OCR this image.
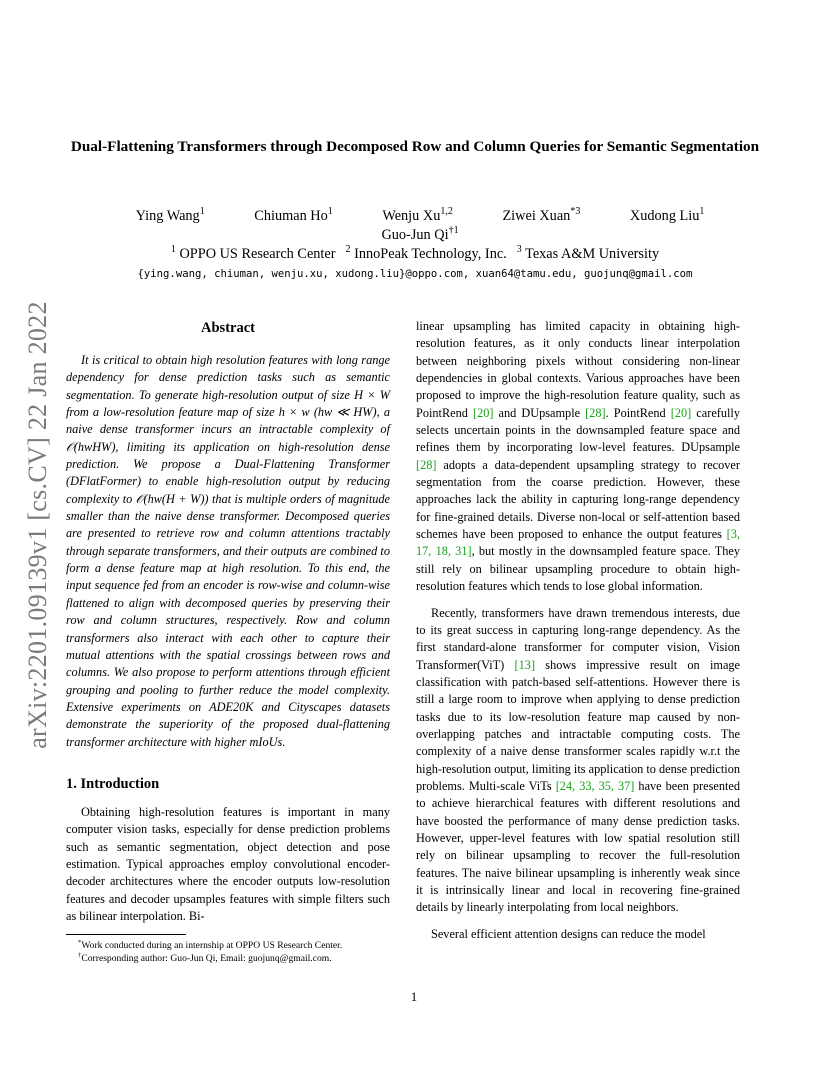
arXiv:2201.09139v1 [cs.CV] 22 Jan 2022
Dual-Flattening Transformers through Decomposed Row and Column Queries for Semantic Segmentation
Ying Wang$^1$	Chiuman Ho$^1$	Wenju Xu$^{1,2}$	Ziwei Xuan$^{*3}$	Xudong Liu$^1$
Guo-Jun Qi$^{\dagger 1}$
$^1$ OPPO US Research Center $^2$ InnoPeak Technology, Inc. $^3$ Texas A&M University
{ying.wang, chiuman, wenju.xu, xudong.liu}@oppo.com, xuan64@tamu.edu, guojunq@gmail.com
Abstract

It is critical to obtain high resolution features with long range dependency for dense prediction tasks such as semantic segmentation. To generate high-resolution output of size H × W from a low-resolution feature map of size h × w (hw ≪ HW), a naive dense transformer incurs an intractable complexity of 𝒪(hwHW), limiting its application on high-resolution dense prediction. We propose a Dual-Flattening Transformer (DFlatFormer) to enable high-resolution output by reducing complexity to 𝒪(hw(H + W)) that is multiple orders of magnitude smaller than the naive dense transformer. Decomposed queries are presented to retrieve row and column attentions tractably through separate transformers, and their outputs are combined to form a dense feature map at high resolution. To this end, the input sequence fed from an encoder is row-wise and column-wise flattened to align with decomposed queries by preserving their row and column structures, respectively. Row and column transformers also interact with each other to capture their mutual attentions with the spatial crossings between rows and columns. We also propose to perform attentions through efficient grouping and pooling to further reduce the model complexity. Extensive experiments on ADE20K and Cityscapes datasets demonstrate the superiority of the proposed dual-flattening transformer architecture with higher mIoUs.

1. Introduction

Obtaining high-resolution features is important in many computer vision tasks, especially for dense prediction problems such as semantic segmentation, object detection and pose estimation. Typical approaches employ convolutional encoder-decoder architectures where the encoder outputs low-resolution features and decoder upsamples features with simple filters such as bilinear interpolation. Bi-

linear upsampling has limited capacity in obtaining high-resolution features, as it only conducts linear interpolation between neighboring pixels without considering non-linear dependencies in global contexts. Various approaches have been proposed to improve the high-resolution feature quality, such as PointRend [20] and DUpsample [28]. PointRend [20] carefully selects uncertain points in the downsampled feature space and refines them by incorporating low-level features. DUpsample [28] adopts a data-dependent upsampling strategy to recover segmentation from the coarse prediction. However, these approaches lack the ability in capturing long-range dependency for fine-grained details. Diverse non-local or self-attention based schemes have been proposed to enhance the output features [3, 17, 18, 31], but mostly in the downsampled feature space. They still rely on bilinear upsampling procedure to obtain high-resolution features which tends to lose global information.

Recently, transformers have drawn tremendous interests, due to its great success in capturing long-range dependency. As the first standard-alone transformer for computer vision, Vision Transformer(ViT) [13] shows impressive result on image classification with patch-based self-attentions. However there is still a large room to improve when applying to dense prediction tasks due to its low-resolution feature map caused by non-overlapping patches and intractable computing costs. The complexity of a naive dense transformer scales rapidly w.r.t the high-resolution output, limiting its application to dense prediction problems. Multi-scale ViTs [24, 33, 35, 37] have been presented to achieve hierarchical features with different resolutions and have boosted the performance of many dense prediction tasks. However, upper-level features with low spatial resolution still rely on bilinear upsampling to recover the full-resolution features. The naive bilinear upsampling is inherently weak since it is intrinsically linear and local in recovering fine-grained details by linearly interpolating from local neighbors.

Several efficient attention designs can reduce the model

*Work conducted during an internship at OPPO US Research Center.
†Corresponding author: Guo-Jun Qi, Email: guojunq@gmail.com.
1
